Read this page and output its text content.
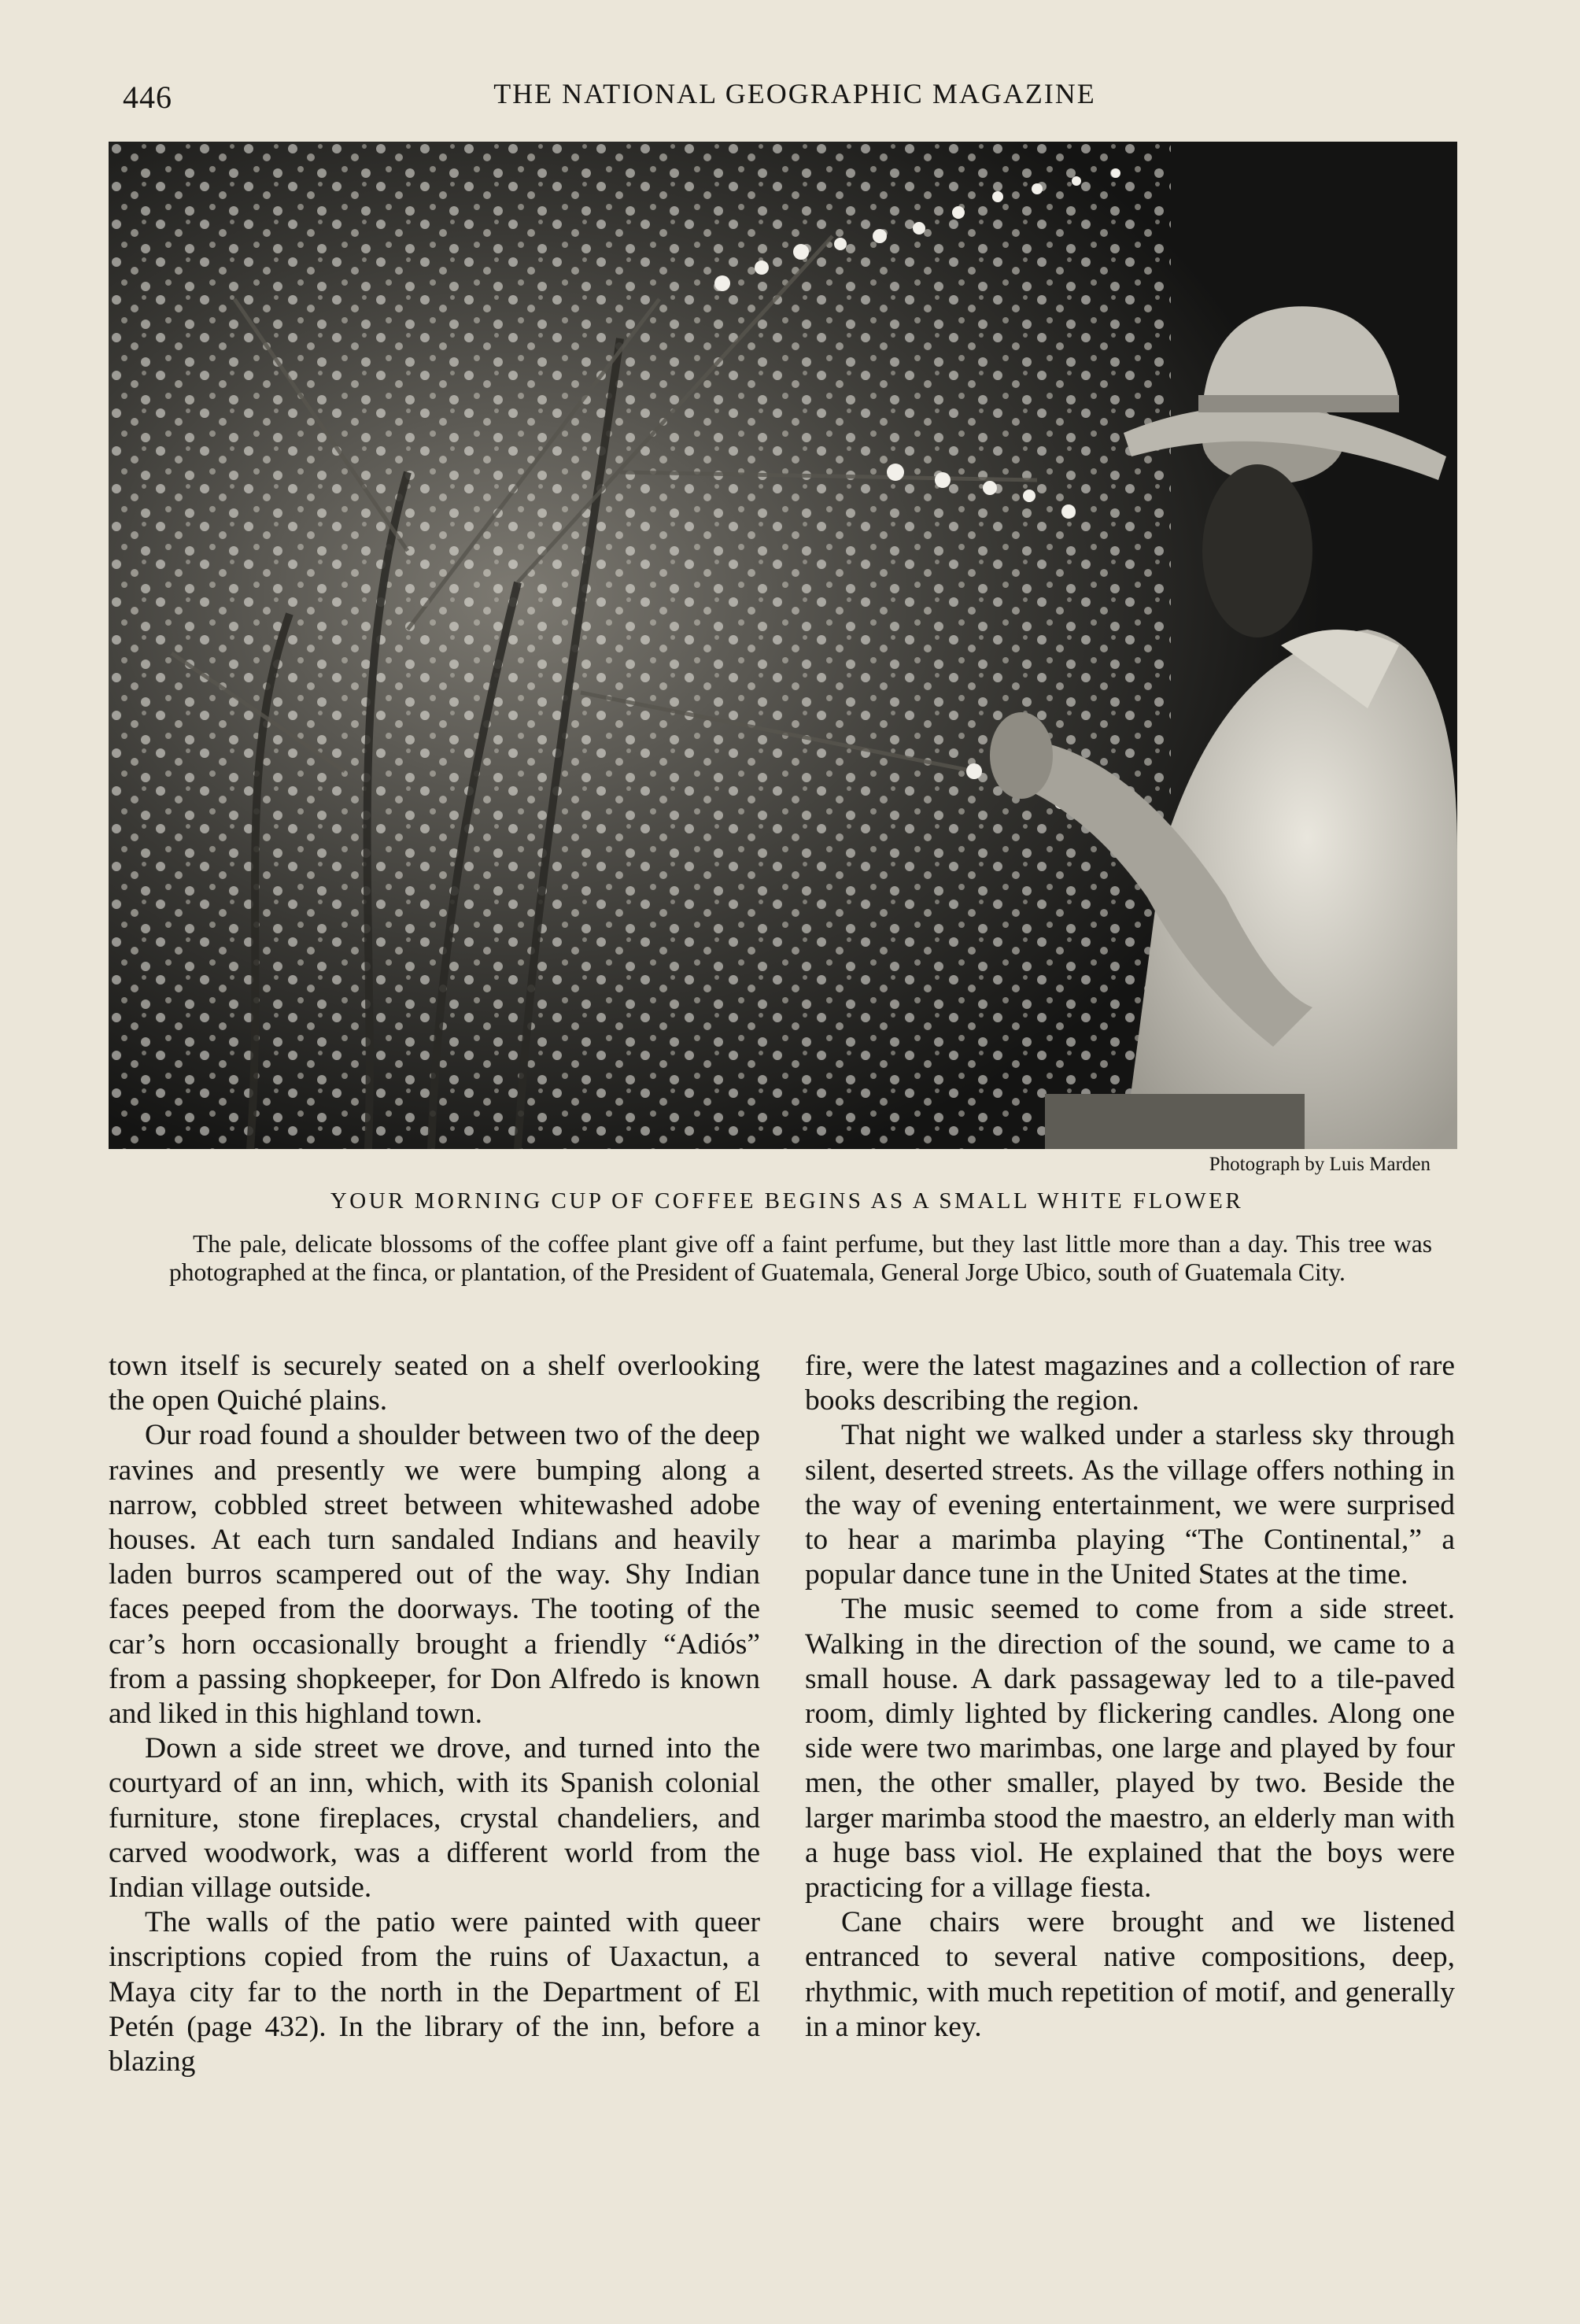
446	THE NATIONAL GEOGRAPHIC MAGAZINE
Photograph by Luis Marden
YOUR MORNING CUP OF COFFEE BEGINS AS A SMALL WHITE FLOWER

The pale, delicate blossoms of the coffee plant give off a faint perfume, but they last little more than a day. This tree was photographed at the finca, or plantation, of the President of Guatemala, General Jorge Ubico, south of Guatemala City.

town itself is securely seated on a shelf overlooking the open Quiché plains.

Our road found a shoulder between two of the deep ravines and presently we were bumping along a narrow, cobbled street between whitewashed adobe houses. At each turn sandaled Indians and heavily laden burros scampered out of the way. Shy Indian faces peeped from the doorways. The tooting of the car’s horn occasionally brought a friendly “Adiós” from a passing shopkeeper, for Don Alfredo is known and liked in this highland town.

Down a side street we drove, and turned into the courtyard of an inn, which, with its Spanish colonial furniture, stone fireplaces, crystal chandeliers, and carved woodwork, was a different world from the Indian village outside.

The walls of the patio were painted with queer inscriptions copied from the ruins of Uaxactun, a Maya city far to the north in the Department of El Petén (page 432). In the library of the inn, before a blazing

fire, were the latest magazines and a collection of rare books describing the region.

That night we walked under a starless sky through silent, deserted streets. As the village offers nothing in the way of evening entertainment, we were surprised to hear a marimba playing “The Continental,” a popular dance tune in the United States at the time.

The music seemed to come from a side street. Walking in the direction of the sound, we came to a small house. A dark passageway led to a tile-paved room, dimly lighted by flickering candles. Along one side were two marimbas, one large and played by four men, the other smaller, played by two. Beside the larger marimba stood the maestro, an elderly man with a huge bass viol. He explained that the boys were practicing for a village fiesta.

Cane chairs were brought and we listened entranced to several native compositions, deep, rhythmic, with much repetition of motif, and generally in a minor key.
